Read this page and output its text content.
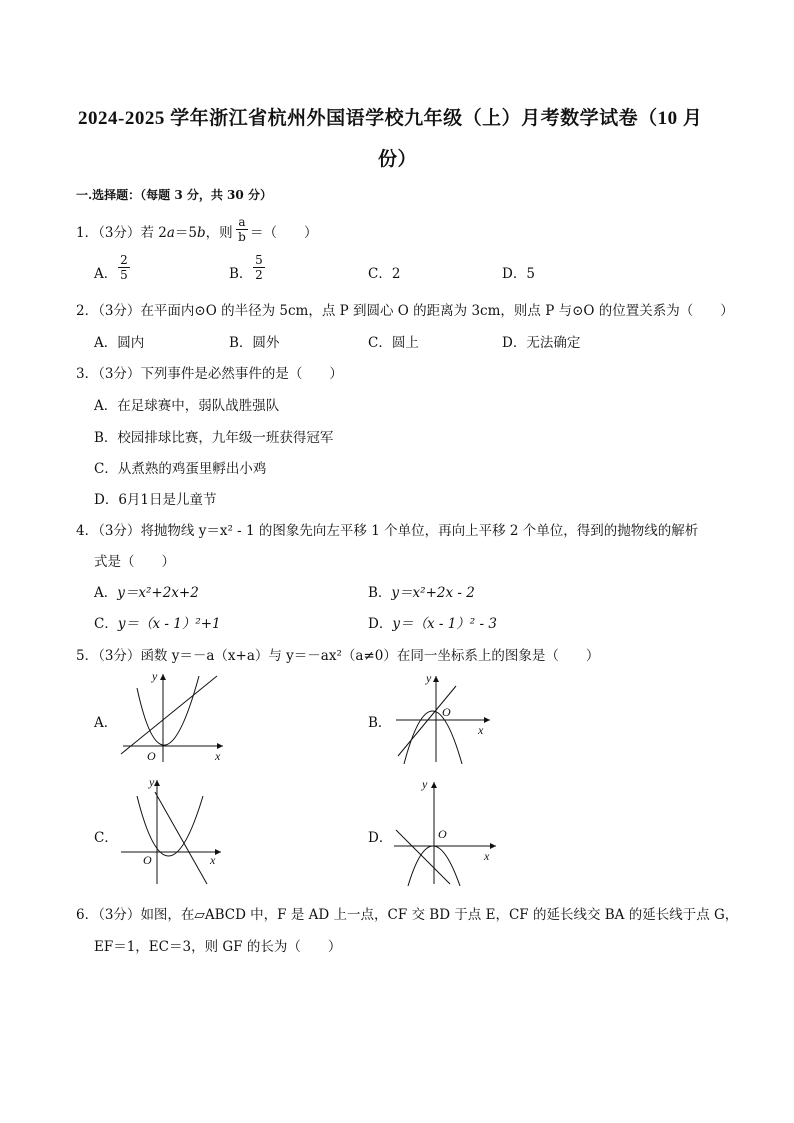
2024-2025 学年浙江省杭州外国语学校九年级（上）月考数学试卷（10 月
份）
一.选择题：（每题 3 分，共 30 分）
1．（3分）若 2a＝5b，则
a
b ＝（　　）
A．
2
5	B．
5
2	C．2	D．5
2．（3分）在平面内⊙O 的半径为 5cm，点 P 到圆心 O 的距离为 3cm，则点 P 与⊙O 的位置关系为（　　）
A．圆内	B．圆外	C．圆上	D．无法确定
3．（3分）下列事件是必然事件的是（　　）
A．在足球赛中，弱队战胜强队
B．校园排球比赛，九年级一班获得冠军
C．从煮熟的鸡蛋里孵出小鸡
D．6月1日是儿童节
4．（3分）将抛物线 y＝x² - 1 的图象先向左平移 1 个单位，再向上平移 2 个单位，得到的抛物线的解析
式是（　　）
A．y＝x²+2x+2	B．y＝x²+2x - 2
C．y＝（x - 1）²+1	D．y＝（x - 1）² - 3
5．（3分）函数 y＝－a（x+a）与 y＝－ax²（a≠0）在同一坐标系上的图象是（　　）
A．
x
y
O
B．	x
y
O
C．
x
y
O
D．
x
y
O
6．（3分）如图，在▱ABCD 中，F 是 AD 上一点，CF 交 BD 于点 E，CF 的延长线交 BA 的延长线于点 G，
EF＝1，EC＝3，则 GF 的长为（　　）
